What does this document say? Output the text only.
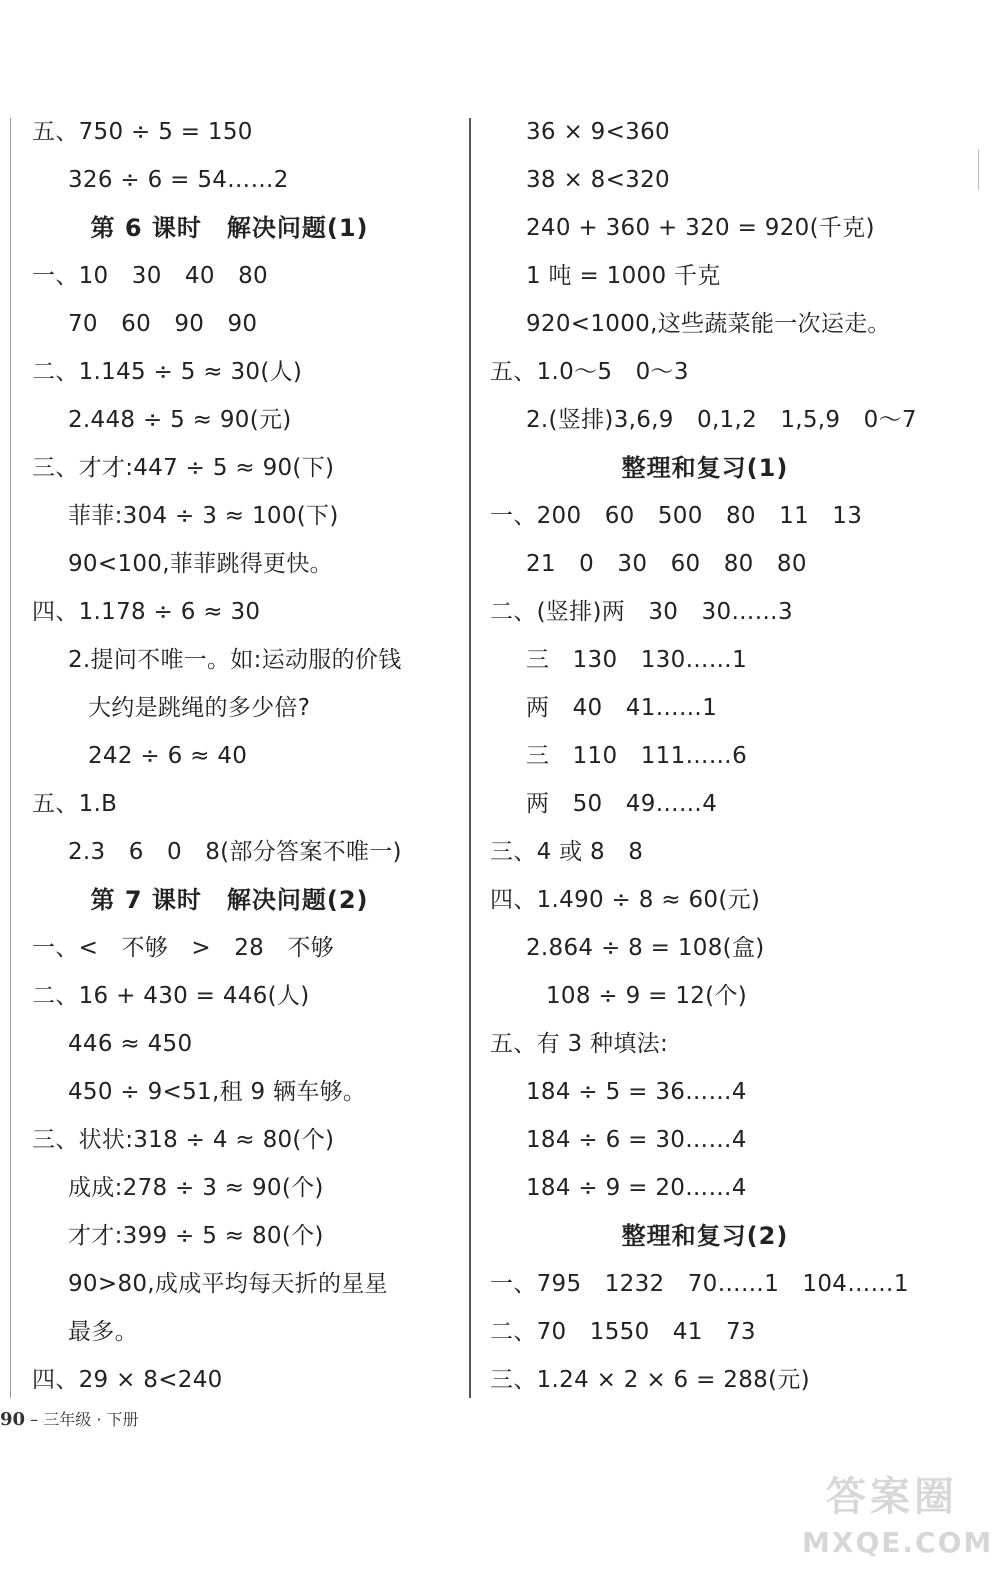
五、750 ÷ 5 = 150
326 ÷ 6 = 54……2
第 6 课时　解决问题(1)
一、10　30　40　80
70　60　90　90
二、1.145 ÷ 5 ≈ 30(人)
2.448 ÷ 5 ≈ 90(元)
三、才才:447 ÷ 5 ≈ 90(下)
菲菲:304 ÷ 3 ≈ 100(下)
90<100,菲菲跳得更快。
四、1.178 ÷ 6 ≈ 30
2.提问不唯一。如:运动服的价钱
大约是跳绳的多少倍?
242 ÷ 6 ≈ 40
五、1.B
2.3　6　0　8(部分答案不唯一)
第 7 课时　解决问题(2)
一、<　不够　>　28　不够
二、16 + 430 = 446(人)
446 ≈ 450
450 ÷ 9<51,租 9 辆车够。
三、状状:318 ÷ 4 ≈ 80(个)
成成:278 ÷ 3 ≈ 90(个)
才才:399 ÷ 5 ≈ 80(个)
90>80,成成平均每天折的星星
最多。
四、29 × 8<240
36 × 9<360
38 × 8<320
240 + 360 + 320 = 920(千克)
1 吨 = 1000 千克
920<1000,这些蔬菜能一次运走。
五、1.0～5　0～3
2.(竖排)3,6,9　0,1,2　1,5,9　0～7
整理和复习(1)
一、200　60　500　80　11　13
21　0　30　60　80　80
二、(竖排)两　30　30……3
三　130　130……1
两　40　41……1
三　110　111……6
两　50　49……4
三、4 或 8　8
四、1.490 ÷ 8 ≈ 60(元)
2.864 ÷ 8 = 108(盒)
108 ÷ 9 = 12(个)
五、有 3 种填法:
184 ÷ 5 = 36……4
184 ÷ 6 = 30……4
184 ÷ 9 = 20……4
整理和复习(2)
一、795　1232　70……1　104……1
二、70　1550　41　73
三、1.24 × 2 × 6 = 288(元)
90 – 三年级 · 下册
答案圈
MXQE.COM
